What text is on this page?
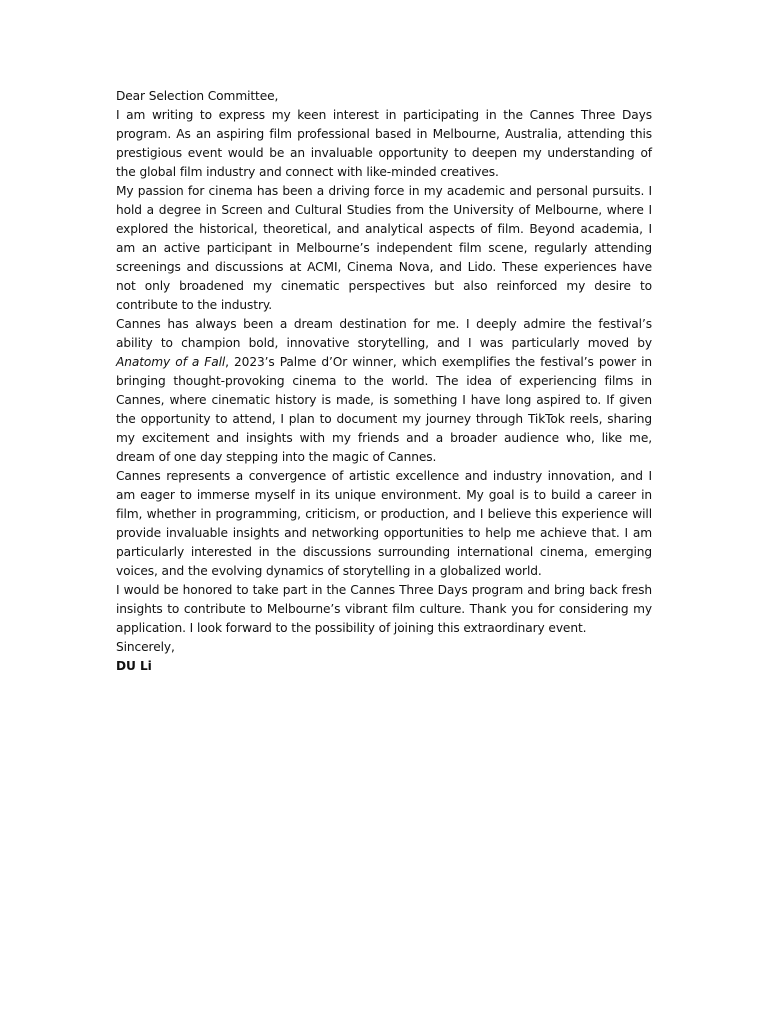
Dear Selection Committee,

I am writing to express my keen interest in participating in the Cannes Three Days program. As an aspiring film professional based in Melbourne, Australia, attending this prestigious event would be an invaluable opportunity to deepen my understanding of the global film industry and connect with like-minded creatives.

My passion for cinema has been a driving force in my academic and personal pursuits. I hold a degree in Screen and Cultural Studies from the University of Melbourne, where I explored the historical, theoretical, and analytical aspects of film. Beyond academia, I am an active participant in Melbourne’s independent film scene, regularly attending screenings and discussions at ACMI, Cinema Nova, and Lido. These experiences have not only broadened my cinematic perspectives but also reinforced my desire to contribute to the industry.

Cannes has always been a dream destination for me. I deeply admire the festival’s ability to champion bold, innovative storytelling, and I was particularly moved by Anatomy of a Fall, 2023’s Palme d’Or winner, which exemplifies the festival’s power in bringing thought-provoking cinema to the world. The idea of experiencing films in Cannes, where cinematic history is made, is something I have long aspired to. If given the opportunity to attend, I plan to document my journey through TikTok reels, sharing my excitement and insights with my friends and a broader audience who, like me, dream of one day stepping into the magic of Cannes.

Cannes represents a convergence of artistic excellence and industry innovation, and I am eager to immerse myself in its unique environment. My goal is to build a career in film, whether in programming, criticism, or production, and I believe this experience will provide invaluable insights and networking opportunities to help me achieve that. I am particularly interested in the discussions surrounding international cinema, emerging voices, and the evolving dynamics of storytelling in a globalized world.

I would be honored to take part in the Cannes Three Days program and bring back fresh insights to contribute to Melbourne’s vibrant film culture. Thank you for considering my application. I look forward to the possibility of joining this extraordinary event.

Sincerely,

DU Li
